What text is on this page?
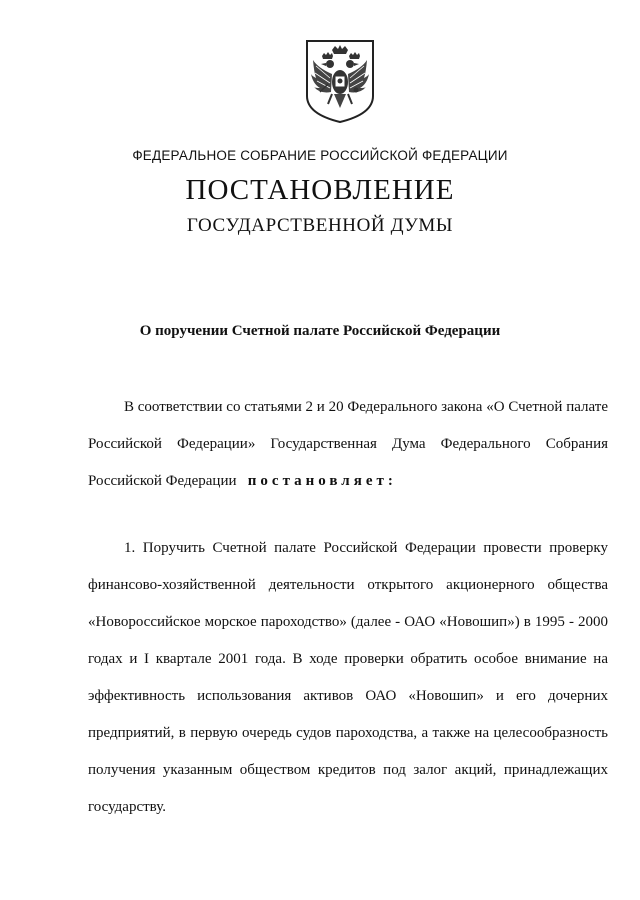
ФЕДЕРАЛЬНОЕ СОБРАНИЕ РОССИЙСКОЙ ФЕДЕРАЦИИ
ПОСТАНОВЛЕНИЕ
ГОСУДАРСТВЕННОЙ ДУМЫ
О поручении Счетной палате Российской Федерации
В соответствии со статьями 2 и 20 Федерального закона «О Счетной палате Российской Федерации» Государственная Дума Федерального Собрания Российской Федерации постановляет:
1. Поручить Счетной палате Российской Федерации провести проверку финансово-хозяйственной деятельности открытого акционерного общества «Новороссийское морское пароходство» (далее - ОАО «Новошип») в 1995 - 2000 годах и I квартале 2001 года. В ходе проверки обратить особое внимание на эффективность использования активов ОАО «Новошип» и его дочерних предприятий, в первую очередь судов пароходства, а также на целесообразность получения указанным обществом кредитов под залог акций, принадлежащих государству.
